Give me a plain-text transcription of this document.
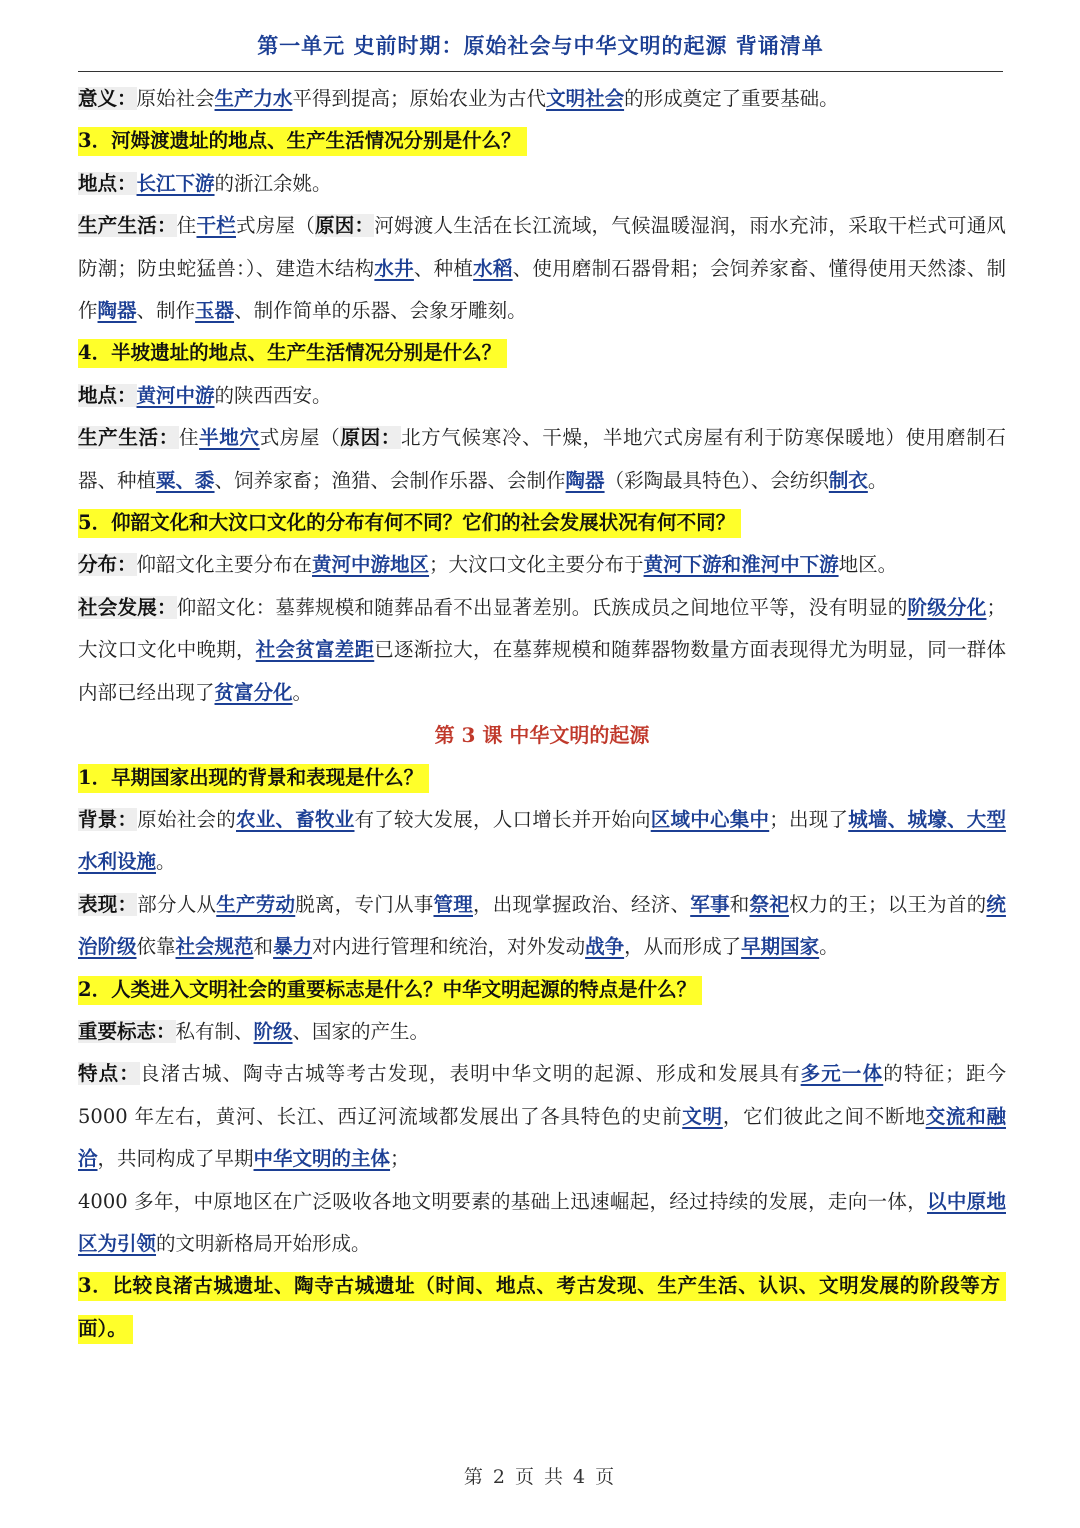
第一单元 史前时期：原始社会与中华文明的起源 背诵清单

意义：原始社会生产力水平得到提高；原始农业为古代文明社会的形成奠定了重要基础。

3．河姆渡遗址的地点、生产生活情况分别是什么？

地点：长江下游的浙江余姚。

生产生活：住干栏式房屋（原因：河姆渡人生活在长江流域，气候温暖湿润，雨水充沛，采取干栏式可通风防潮；防虫蛇猛兽：）、建造木结构水井、种植水稻、使用磨制石器骨耜；会饲养家畜、懂得使用天然漆、制作陶器、制作玉器、制作简单的乐器、会象牙雕刻。

4．半坡遗址的地点、生产生活情况分别是什么？

地点：黄河中游的陕西西安。

生产生活：住半地穴式房屋（原因：北方气候寒冷、干燥，半地穴式房屋有利于防寒保暖地）使用磨制石器、种植粟、黍、饲养家畜；渔猎、会制作乐器、会制作陶器（彩陶最具特色）、会纺织制衣。

5．仰韶文化和大汶口文化的分布有何不同？它们的社会发展状况有何不同？

分布：仰韶文化主要分布在黄河中游地区；大汶口文化主要分布于黄河下游和淮河中下游地区。

社会发展：仰韶文化：墓葬规模和随葬品看不出显著差别。氏族成员之间地位平等，没有明显的阶级分化；大汶口文化中晚期，社会贫富差距已逐渐拉大，在墓葬规模和随葬器物数量方面表现得尤为明显，同一群体内部已经出现了贫富分化。

第 3 课 中华文明的起源

1．早期国家出现的背景和表现是什么？

背景：原始社会的农业、畜牧业有了较大发展，人口增长并开始向区域中心集中；出现了城墙、城壕、大型水利设施。

表现：部分人从生产劳动脱离，专门从事管理，出现掌握政治、经济、军事和祭祀权力的王；以王为首的统治阶级依靠社会规范和暴力对内进行管理和统治，对外发动战争，从而形成了早期国家。

2．人类进入文明社会的重要标志是什么？中华文明起源的特点是什么？

重要标志：私有制、阶级、国家的产生。

特点：良渚古城、陶寺古城等考古发现，表明中华文明的起源、形成和发展具有多元一体的特征；距今 5000 年左右，黄河、长江、西辽河流域都发展出了各具特色的史前文明，它们彼此之间不断地交流和融洽，共同构成了早期中华文明的主体；

4000 多年，中原地区在广泛吸收各地文明要素的基础上迅速崛起，经过持续的发展，走向一体，以中原地区为引领的文明新格局开始形成。

3．比较良渚古城遗址、陶寺古城遗址（时间、地点、考古发现、生产生活、认识、文明发展的阶段等方面）。

第 2 页 共 4 页
